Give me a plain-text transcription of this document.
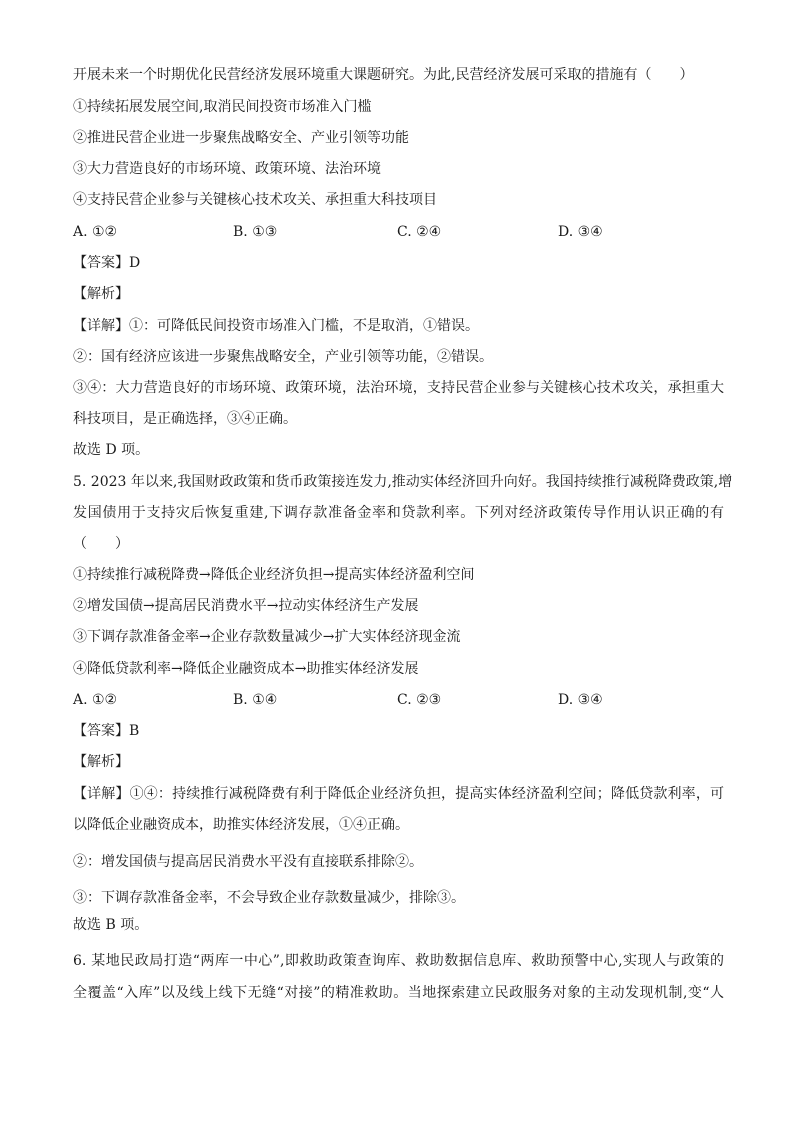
开展未来一个时期优化民营经济发展环境重大课题研究。为此,民营经济发展可采取的措施有（　　）
①持续拓展发展空间,取消民间投资市场准入门槛
②推进民营企业进一步聚焦战略安全、产业引领等功能
③大力营造良好的市场环境、政策环境、法治环境
④支持民营企业参与关键核心技术攻关、承担重大科技项目
A. ①②	B. ①③	C. ②④	D. ③④
【答案】D
【解析】
【详解】①：可降低民间投资市场准入门槛，不是取消，①错误。
②：国有经济应该进一步聚焦战略安全，产业引领等功能，②错误。
③④：大力营造良好的市场环境、政策环境，法治环境，支持民营企业参与关键核心技术攻关，承担重大
科技项目，是正确选择，③④正确。
故选 D 项。
5. 2023 年以来,我国财政政策和货币政策接连发力,推动实体经济回升向好。我国持续推行减税降费政策,增
发国债用于支持灾后恢复重建,下调存款准备金率和贷款利率。下列对经济政策传导作用认识正确的有
（　　）
①持续推行减税降费→降低企业经济负担→提高实体经济盈利空间
②增发国债→提高居民消费水平→拉动实体经济生产发展
③下调存款准备金率→企业存款数量减少→扩大实体经济现金流
④降低贷款利率→降低企业融资成本→助推实体经济发展
A. ①②	B. ①④	C. ②③	D. ③④
【答案】B
【解析】
【详解】①④：持续推行减税降费有利于降低企业经济负担，提高实体经济盈利空间；降低贷款利率，可
以降低企业融资成本，助推实体经济发展，①④正确。
②：增发国债与提高居民消费水平没有直接联系排除②。
③：下调存款准备金率，不会导致企业存款数量减少，排除③。
故选 B 项。
6. 某地民政局打造“两库一中心”,即救助政策查询库、救助数据信息库、救助预警中心,实现人与政策的
全覆盖“入库”以及线上线下无缝“对接”的精准救助。当地探索建立民政服务对象的主动发现机制,变“人
